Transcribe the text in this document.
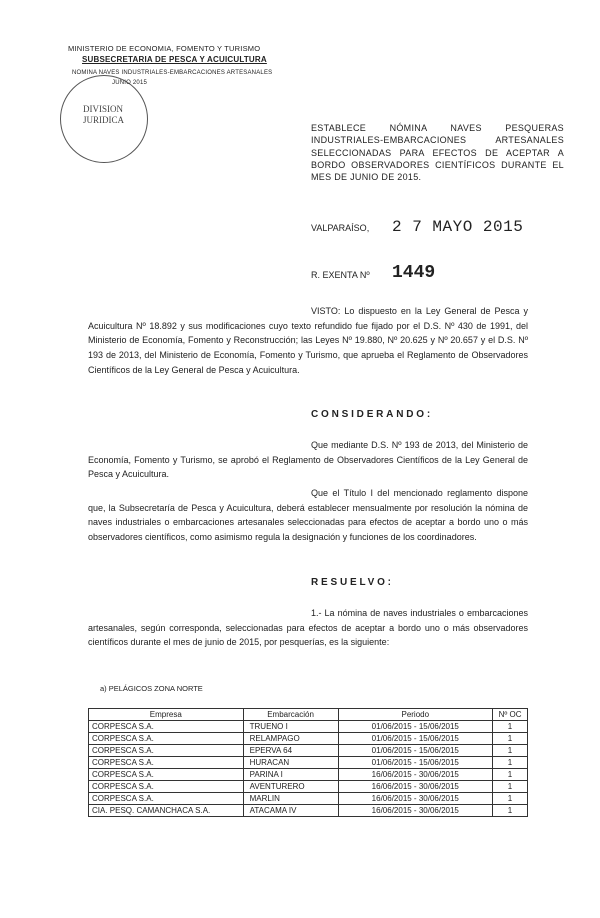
MINISTERIO DE ECONOMIA, FOMENTO Y TURISMO
SUBSECRETARIA DE PESCA Y ACUICULTURA
NOMINA NAVES INDUSTRIALES-EMBARCACIONES ARTESANALES
JUNIO 2015
DIVISION
JURIDICA
ESTABLECE NÓMINA NAVES PESQUERAS INDUSTRIALES-EMBARCACIONES ARTESANALES SELECCIONADAS PARA EFECTOS DE ACEPTAR A BORDO OBSERVADORES CIENTÍFICOS DURANTE EL MES DE JUNIO DE 2015.
VALPARAÍSO, 2 7 MAYO 2015
R. EXENTA Nº 1449
VISTO: Lo dispuesto en la Ley General de Pesca y Acuicultura Nº 18.892 y sus modificaciones cuyo texto refundido fue fijado por el D.S. Nº 430 de 1991, del Ministerio de Economía, Fomento y Reconstrucción; las Leyes Nº 19.880, Nº 20.625 y Nº 20.657 y el D.S. Nº 193 de 2013, del Ministerio de Economía, Fomento y Turismo, que aprueba el Reglamento de Observadores Científicos de la Ley General de Pesca y Acuicultura.
CONSIDERANDO:
Que mediante D.S. Nº 193 de 2013, del Ministerio de Economía, Fomento y Turismo, se aprobó el Reglamento de Observadores Científicos de la Ley General de Pesca y Acuicultura.
Que el Título I del mencionado reglamento dispone que, la Subsecretaría de Pesca y Acuicultura, deberá establecer mensualmente por resolución la nómina de naves industriales o embarcaciones artesanales seleccionadas para efectos de aceptar a bordo uno o más observadores científicos, como asimismo regula la designación y funciones de los coordinadores.
RESUELVO:
1.- La nómina de naves industriales o embarcaciones artesanales, según corresponda, seleccionadas para efectos de aceptar a bordo uno o más observadores científicos durante el mes de junio de 2015, por pesquerías, es la siguiente:
a) PELÁGICOS ZONA NORTE
Empresa	Embarcación	Periodo	Nº OC
CORPESCA S.A.	TRUENO I	01/06/2015 - 15/06/2015	1
CORPESCA S.A.	RELAMPAGO	01/06/2015 - 15/06/2015	1
CORPESCA S.A.	EPERVA 64	01/06/2015 - 15/06/2015	1
CORPESCA S.A.	HURACAN	01/06/2015 - 15/06/2015	1
CORPESCA S.A.	PARINA I	16/06/2015 - 30/06/2015	1
CORPESCA S.A.	AVENTURERO	16/06/2015 - 30/06/2015	1
CORPESCA S.A.	MARLIN	16/06/2015 - 30/06/2015	1
CIA. PESQ. CAMANCHACA S.A.	ATACAMA IV	16/06/2015 - 30/06/2015	1
